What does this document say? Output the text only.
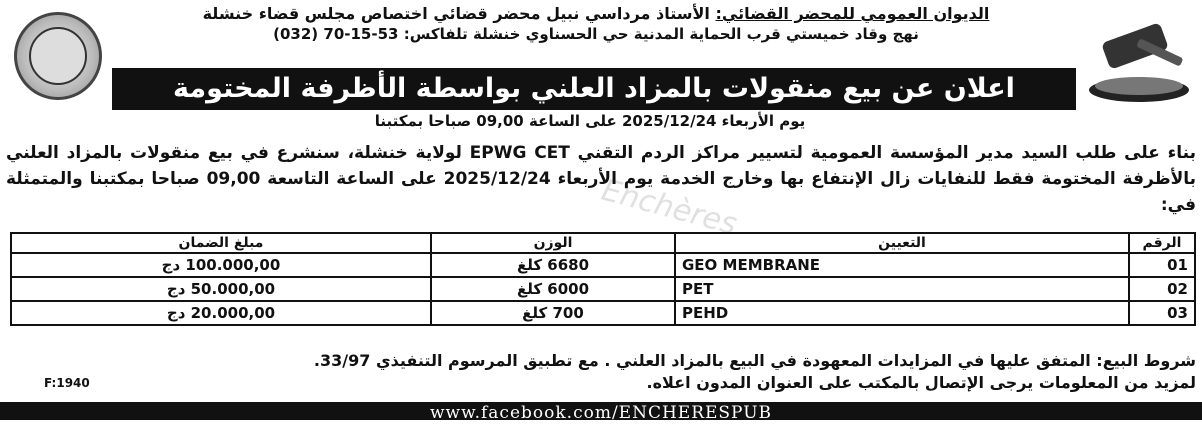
الديوان العمومي للمحضر القضائي: الأستاذ مرداسي نبيل محضر قضائي اختصاص مجلس قضاء خنشلة
نهج وقاد خميستي قرب الحماية المدنية حي الحسناوي خنشلة تلفاكس: (032) 70-15-53
اعلان عن بيع منقولات بالمزاد العلني بواسطة الأظرفة المختومة
يوم الأربعاء 2025/12/24 على الساعة 09,00 صباحا بمكتبنا
Enchères
بناء على طلب السيد مدير المؤسسة العمومية لتسيير مراكز الردم التقني EPWG CET لولاية خنشلة، سنشرع في بيع منقولات بالمزاد العلني بالأظرفة المختومة فقط للنفايات زال الإنتفاع بها وخارج الخدمة يوم الأربعاء 2025/12/24 على الساعة التاسعة 09,00 صباحا بمكتبنا والمتمثلة في:
الرقم	التعيين	الوزن	مبلغ الضمان
01	GEO MEMBRANE	6680 كلغ	100.000,00 دج
02	PET	6000 كلغ	50.000,00 دج
03	PEHD	700 كلغ	20.000,00 دج
شروط البيع: المتفق عليها في المزايدات المعهودة في البيع بالمزاد العلني . مع تطبيق المرسوم التنفيذي 33/97.
لمزيد من المعلومات يرجى الإتصال بالمكتب على العنوان المدون اعلاه.
F:1940
www.facebook.com/ENCHERESPUB
